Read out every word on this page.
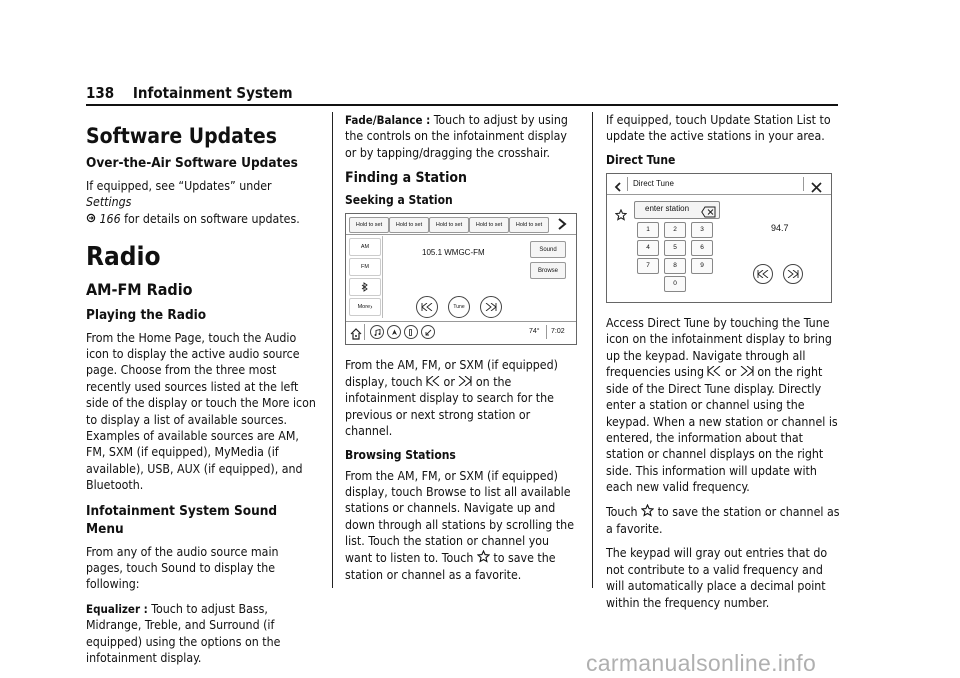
138 Infotainment System
Software Updates
Over-the-Air Software Updates

If equipped, see “Updates” under Settings
166 for details on software updates.

Radio
AM-FM Radio
Playing the Radio

From the Home Page, touch the Audio icon to display the active audio source page. Choose from the three most recently used sources listed at the left side of the display or touch the More icon to display a list of available sources. Examples of available sources are AM, FM, SXM (if equipped), MyMedia (if available), USB, AUX (if equipped), and Bluetooth.

Infotainment System Sound Menu

From any of the audio source main pages, touch Sound to display the following:

Equalizer : Touch to adjust Bass, Midrange, Treble, and Surround (if equipped) using the options on the infotainment display.

Fade/Balance : Touch to adjust by using the controls on the infotainment display or by tapping/dragging the crosshair.

Finding a Station
Seeking a Station
Hold to set	Hold to set	Hold to set	Hold to set	Hold to set
AM
FM
More ›
105.1 WMGC-FM	Sound
Browse
Tune
74° 7:02

From the AM, FM, or SXM (if equipped) display, touch  or  on the infotainment display to search for the previous or next strong station or channel.

Browsing Stations

From the AM, FM, or SXM (if equipped) display, touch Browse to list all available stations or channels. Navigate up and down through all stations by scrolling the list. Touch the station or channel you want to listen to. Touch  to save the station or channel as a favorite.

If equipped, touch Update Station List to update the active stations in your area.

Direct Tune
Direct Tune
enter station
1	2	3
4	5	6
7	8	9
0
94.7

Access Direct Tune by touching the Tune icon on the infotainment display to bring up the keypad. Navigate through all frequencies using  or  on the right side of the Direct Tune display. Directly enter a station or channel using the keypad. When a new station or channel is entered, the information about that station or channel displays on the right side. This information will update with each new valid frequency.

Touch  to save the station or channel as a favorite.

The keypad will gray out entries that do not contribute to a valid frequency and will automatically place a decimal point within the frequency number.

carmanualsonline.info
